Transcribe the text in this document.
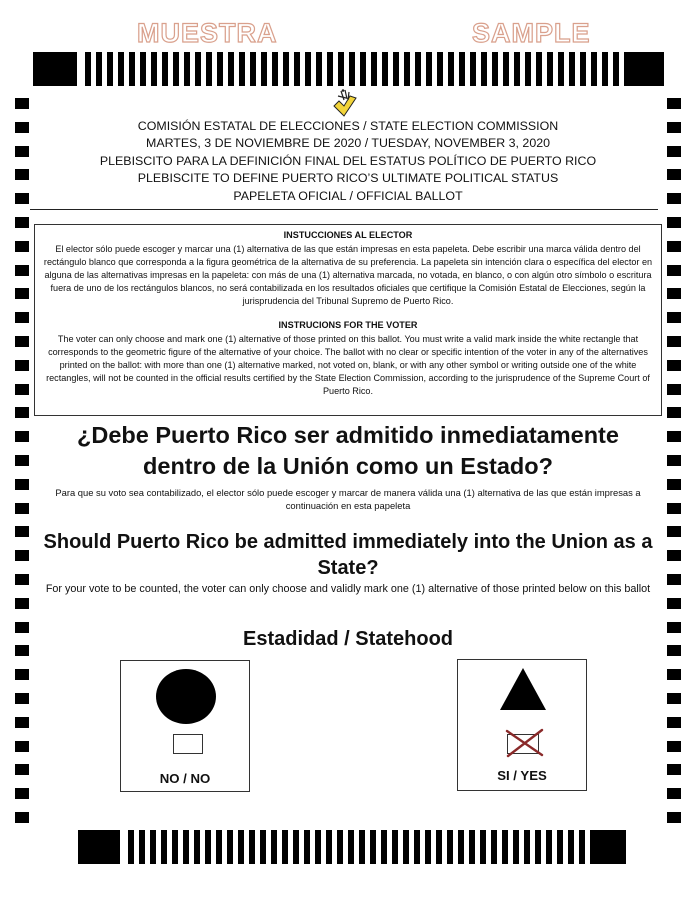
MUESTRA	SAMPLE
COMISIÓN ESTATAL DE ELECCIONES / STATE ELECTION COMMISSION
MARTES, 3 DE NOVIEMBRE DE 2020 / TUESDAY, NOVEMBER 3, 2020
PLEBISCITO PARA LA DEFINICIÓN FINAL DEL ESTATUS POLÍTICO DE PUERTO RICO
PLEBISCITE TO DEFINE PUERTO RICO’S ULTIMATE POLITICAL STATUS
PAPELETA OFICIAL / OFFICIAL BALLOT
INSTUCCIONES AL ELECTOR

El elector sólo puede escoger y marcar una (1) alternativa de las que están impresas en esta papeleta. Debe escribir una marca válida dentro del rectángulo blanco que corresponda a la figura geométrica de la alternativa de su preferencia. La papeleta sin intención clara o específica del elector en alguna de las alternativas impresas en la papeleta: con más de una (1) alternativa marcada, no votada, en blanco, o con algún otro símbolo o escritura fuera de uno de los rectángulos blancos, no será contabilizada en los resultados oficiales que certifique la Comisión Estatal de Elecciones, según la jurisprudencia del Tribunal Supremo de Puerto Rico.

INSTRUCIONS FOR THE VOTER

The voter can only choose and mark one (1) alternative of those printed on this ballot. You must write a valid mark inside the white rectangle that corresponds to the geometric figure of the alternative of your choice. The ballot with no clear or specific intention of the voter in any of the alternatives printed on the ballot: with more than one (1) alternative marked, not voted on, blank, or with any other symbol or writing outside one of the white rectangles, will not be counted in the official results certified by the State Election Commission, according to the jurisprudence of the Supreme Court of Puerto Rico.

¿Debe Puerto Rico ser admitido inmediatamente dentro de la Unión como un Estado?
Para que su voto sea contabilizado, el elector sólo puede escoger y marcar de manera válida una (1) alternativa de las que están impresas a continuación en esta papeleta
Should Puerto Rico be admitted immediately into the Union as a State?
For your vote to be counted, the voter can only choose and validly mark one (1) alternative of those printed below on this ballot
Estadidad / Statehood
NO / NO	SI / YES
